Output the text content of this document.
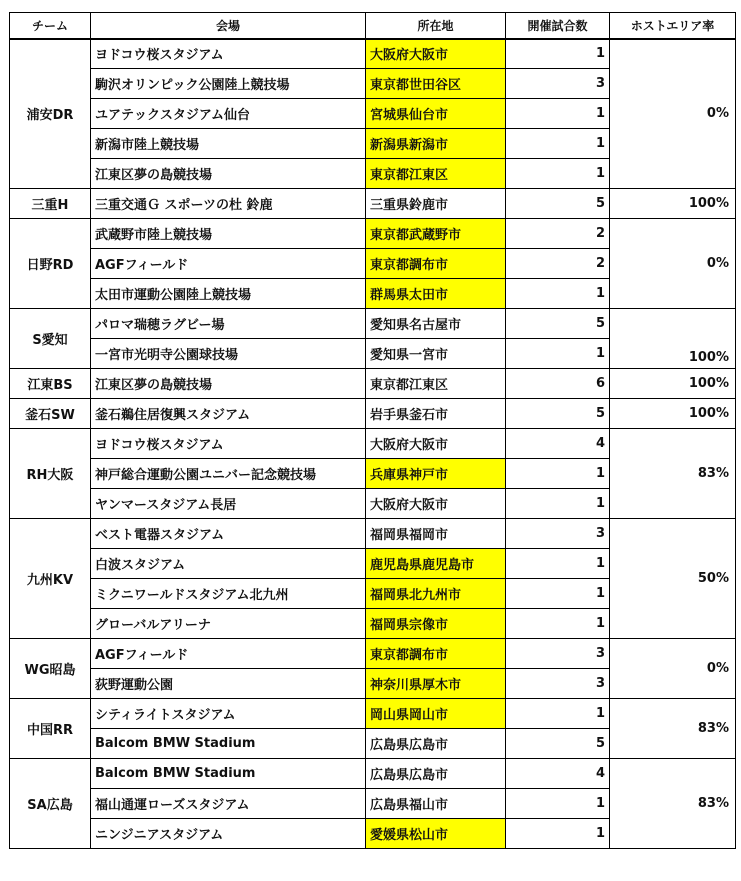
チーム	会場	所在地	開催試合数	ホストエリア率
浦安DR	ヨドコウ桜スタジアム	大阪府大阪市	1	0%
	駒沢オリンピック公園陸上競技場	東京都世田谷区	3	
	ユアテックスタジアム仙台	宮城県仙台市	1	
	新潟市陸上競技場	新潟県新潟市	1	
	江東区夢の島競技場	東京都江東区	1	
三重H	三重交通Ｇ スポーツの杜 鈴鹿	三重県鈴鹿市	5	100%
日野RD	武蔵野市陸上競技場	東京都武蔵野市	2	0%
	AGFフィールド	東京都調布市	2	
	太田市運動公園陸上競技場	群馬県太田市	1	
S愛知	パロマ瑞穂ラグビー場	愛知県名古屋市	5	100%
	一宮市光明寺公園球技場	愛知県一宮市	1	
江東BS	江東区夢の島競技場	東京都江東区	6	100%
釜石SW	釜石鵜住居復興スタジアム	岩手県釜石市	5	100%
RH大阪	ヨドコウ桜スタジアム	大阪府大阪市	4	83%
	神戸総合運動公園ユニバー記念競技場	兵庫県神戸市	1	
	ヤンマースタジアム長居	大阪府大阪市	1	
九州KV	ベスト電器スタジアム	福岡県福岡市	3	50%
	白波スタジアム	鹿児島県鹿児島市	1	
	ミクニワールドスタジアム北九州	福岡県北九州市	1	
	グローバルアリーナ	福岡県宗像市	1	
WG昭島	AGFフィールド	東京都調布市	3	0%
	荻野運動公園	神奈川県厚木市	3	
中国RR	シティライトスタジアム	岡山県岡山市	1	83%
	Balcom BMW Stadium	広島県広島市	5	
SA広島	Balcom BMW Stadium	広島県広島市	4	83%
	福山通運ローズスタジアム	広島県福山市	1	
	ニンジニアスタジアム	愛媛県松山市	1	
